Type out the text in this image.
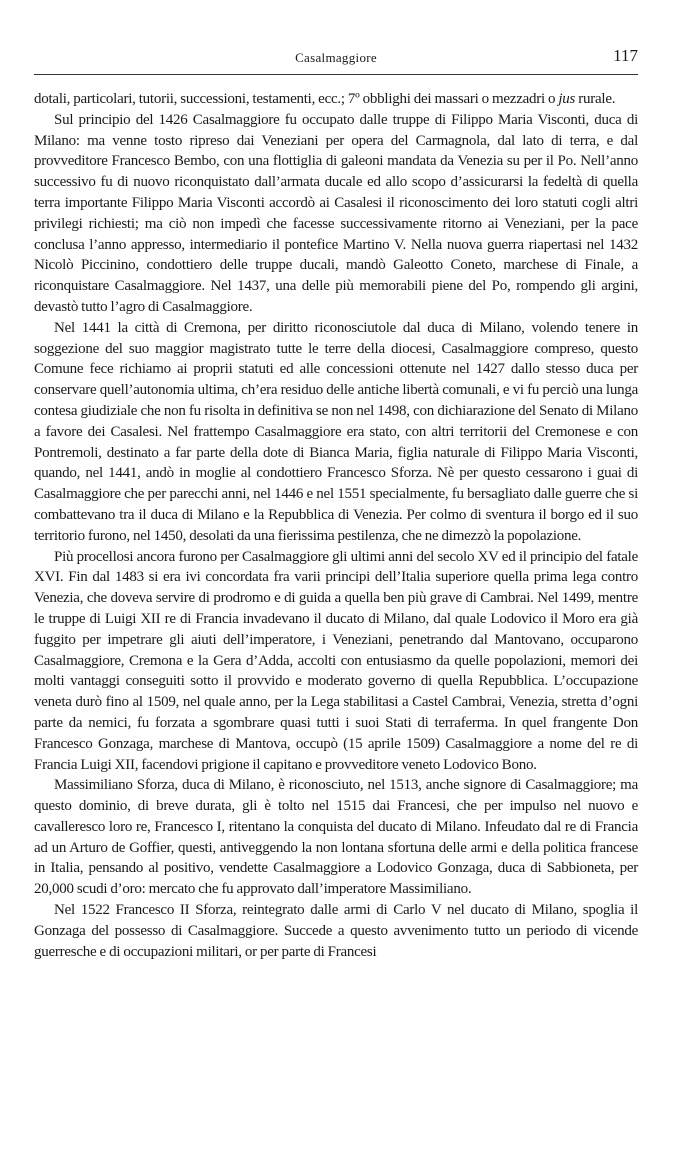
Casalmaggiore	117

dotali, particolari, tutorii, successioni, testamenti, ecc.; 7º obblighi dei massari o mezzadri o jus rurale.

Sul principio del 1426 Casalmaggiore fu occupato dalle truppe di Filippo Maria Visconti, duca di Milano: ma venne tosto ripreso dai Veneziani per opera del Carmagnola, dal lato di terra, e dal provveditore Francesco Bembo, con una flottiglia di galeoni mandata da Venezia su per il Po. Nell’anno successivo fu di nuovo riconquistato dall’armata ducale ed allo scopo d’assicurarsi la fedeltà di quella terra importante Filippo Maria Visconti accordò ai Casalesi il riconoscimento dei loro statuti cogli altri privilegi richiesti; ma ciò non impedì che facesse successivamente ritorno ai Veneziani, per la pace conclusa l’anno appresso, intermediario il pontefice Martino V. Nella nuova guerra riapertasi nel 1432 Nicolò Piccinino, condottiero delle truppe ducali, mandò Galeotto Coneto, marchese di Finale, a riconquistare Casalmaggiore. Nel 1437, una delle più memorabili piene del Po, rompendo gli argini, devastò tutto l’agro di Casalmaggiore.

Nel 1441 la città di Cremona, per diritto riconosciutole dal duca di Milano, volendo tenere in soggezione del suo maggior magistrato tutte le terre della diocesi, Casalmaggiore compreso, questo Comune fece richiamo ai proprii statuti ed alle concessioni ottenute nel 1427 dallo stesso duca per conservare quell’autonomia ultima, ch’era residuo delle antiche libertà comunali, e vi fu perciò una lunga contesa giudiziale che non fu risolta in definitiva se non nel 1498, con dichiarazione del Senato di Milano a favore dei Casalesi. Nel frattempo Casalmaggiore era stato, con altri territorii del Cremonese e con Pontremoli, destinato a far parte della dote di Bianca Maria, figlia naturale di Filippo Maria Visconti, quando, nel 1441, andò in moglie al condottiero Francesco Sforza. Nè per questo cessarono i guai di Casalmaggiore che per parecchi anni, nel 1446 e nel 1551 specialmente, fu bersagliato dalle guerre che si combattevano tra il duca di Milano e la Repubblica di Venezia. Per colmo di sventura il borgo ed il suo territorio furono, nel 1450, desolati da una fierissima pestilenza, che ne dimezzò la popolazione.

Più procellosi ancora furono per Casalmaggiore gli ultimi anni del secolo XV ed il principio del fatale XVI. Fin dal 1483 si era ivi concordata fra varii principi dell’Italia superiore quella prima lega contro Venezia, che doveva servire di prodromo e di guida a quella ben più grave di Cambrai. Nel 1499, mentre le truppe di Luigi XII re di Francia invadevano il ducato di Milano, dal quale Lodovico il Moro era già fuggito per impetrare gli aiuti dell’imperatore, i Veneziani, penetrando dal Mantovano, occuparono Casalmaggiore, Cremona e la Gera d’Adda, accolti con entusiasmo da quelle popolazioni, memori dei molti vantaggi conseguiti sotto il provvido e moderato governo di quella Repubblica. L’occupazione veneta durò fino al 1509, nel quale anno, per la Lega stabilitasi a Castel Cambrai, Venezia, stretta d’ogni parte da nemici, fu forzata a sgombrare quasi tutti i suoi Stati di terraferma. In quel frangente Don Francesco Gonzaga, marchese di Mantova, occupò (15 aprile 1509) Casalmaggiore a nome del re di Francia Luigi XII, facendovi prigione il capitano e provveditore veneto Lodovico Bono.

Massimiliano Sforza, duca di Milano, è riconosciuto, nel 1513, anche signore di Casalmaggiore; ma questo dominio, di breve durata, gli è tolto nel 1515 dai Francesi, che per impulso nel nuovo e cavalleresco loro re, Francesco I, ritentano la conquista del ducato di Milano. Infeudato dal re di Francia ad un Arturo de Goffier, questi, antiveggendo la non lontana sfortuna delle armi e della politica francese in Italia, pensando al positivo, vendette Casalmaggiore a Lodovico Gonzaga, duca di Sabbioneta, per 20,000 scudi d’oro: mercato che fu approvato dall’imperatore Massimiliano.

Nel 1522 Francesco II Sforza, reintegrato dalle armi di Carlo V nel ducato di Milano, spoglia il Gonzaga del possesso di Casalmaggiore. Succede a questo avvenimento tutto un periodo di vicende guerresche e di occupazioni militari, or per parte di Francesi
